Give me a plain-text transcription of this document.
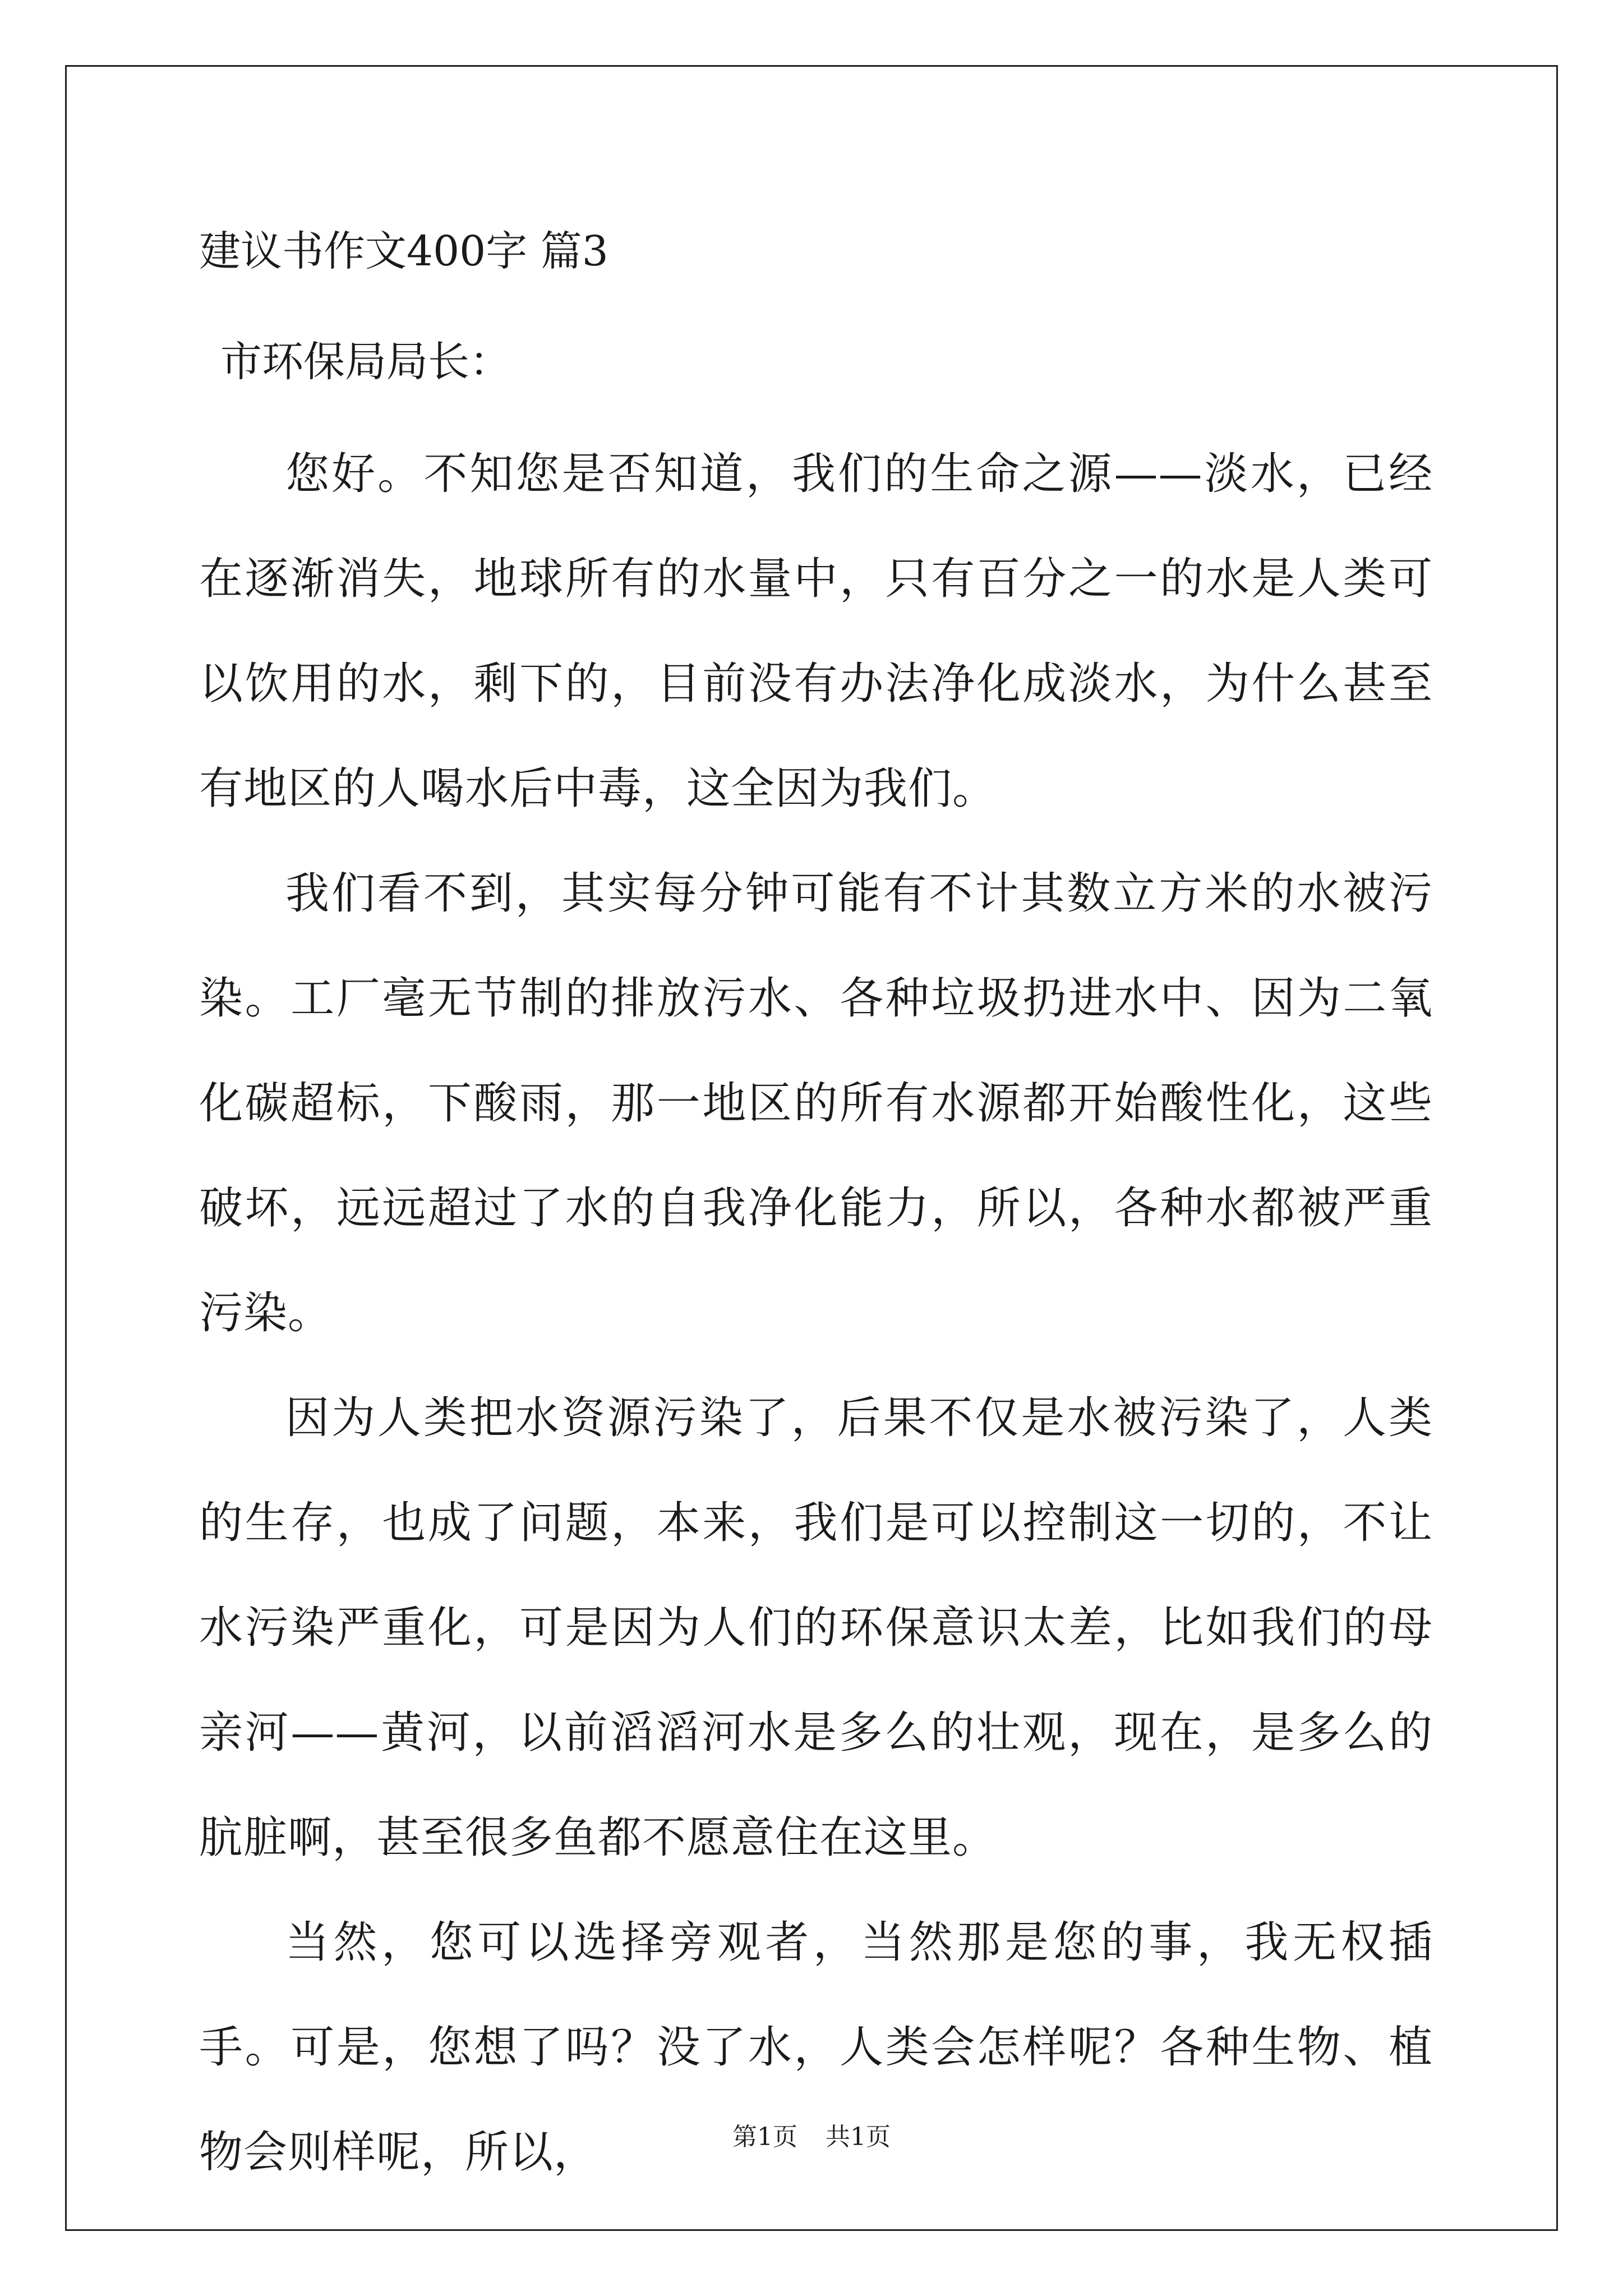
建议书作文400字 篇3
市环保局局长：

您好。不知您是否知道，我们的生命之源——淡水，已经在逐渐消失，地球所有的水量中，只有百分之一的水是人类可以饮用的水，剩下的，目前没有办法净化成淡水，为什么甚至有地区的人喝水后中毒，这全因为我们。

我们看不到，其实每分钟可能有不计其数立方米的水被污染。工厂毫无节制的排放污水、各种垃圾扔进水中、因为二氧化碳超标，下酸雨，那一地区的所有水源都开始酸性化，这些破坏，远远超过了水的自我净化能力，所以，各种水都被严重污染。

因为人类把水资源污染了，后果不仅是水被污染了，人类的生存，也成了问题，本来，我们是可以控制这一切的，不让水污染严重化，可是因为人们的环保意识太差，比如我们的母亲河——黄河，以前滔滔河水是多么的壮观，现在，是多么的肮脏啊，甚至很多鱼都不愿意住在这里。

当然，您可以选择旁观者，当然那是您的事，我无权插手。可是，您想了吗？没了水，人类会怎样呢？各种生物、植物会则样呢，所以，	第1页 共1页
